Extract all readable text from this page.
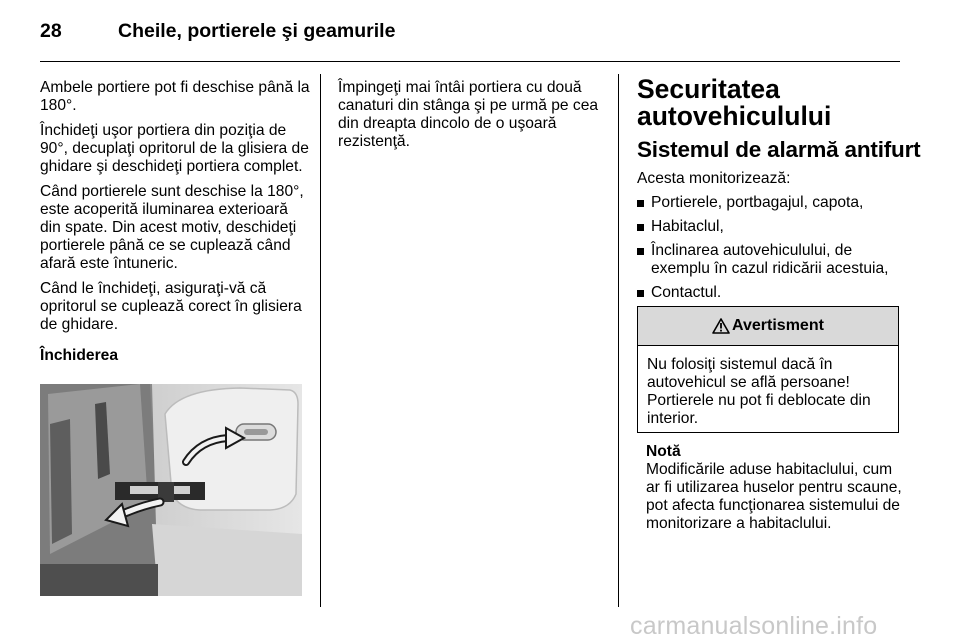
28	Cheile, portierele şi geamurile

Ambele portiere pot fi deschise până la 180°.

Închideţi uşor portiera din poziţia de 90°, decuplaţi opritorul de la glisiera de ghidare şi deschideţi portiera complet.

Când portierele sunt deschise la 180°, este acoperită iluminarea exterioară din spate. Din acest motiv, deschideţi portierele până ce se cuplează când afară este întuneric.

Când le închideţi, asiguraţi-vă că opritorul se cuplează corect în glisiera de ghidare.

Închiderea

Împingeţi mai întâi portiera cu două canaturi din stânga şi pe urmă pe cea din dreapta dincolo de o uşoară rezistenţă.

Securitatea autovehiculului
Sistemul de alarmă antifurt

Acesta monitorizează:

Portierele, portbagajul, capota,
Habitaclul,
Înclinarea autovehiculului, de exemplu în cazul ridicării acestuia,
Contactul.
Avertisment
Nu folosiţi sistemul dacă în autovehicul se află persoane! Portierele nu pot fi deblocate din interior.
Notă
Modificările aduse habitaclului, cum ar fi utilizarea huselor pentru scaune, pot afecta funcţionarea sistemului de monitorizare a habitaclului.
carmanualsonline.info
